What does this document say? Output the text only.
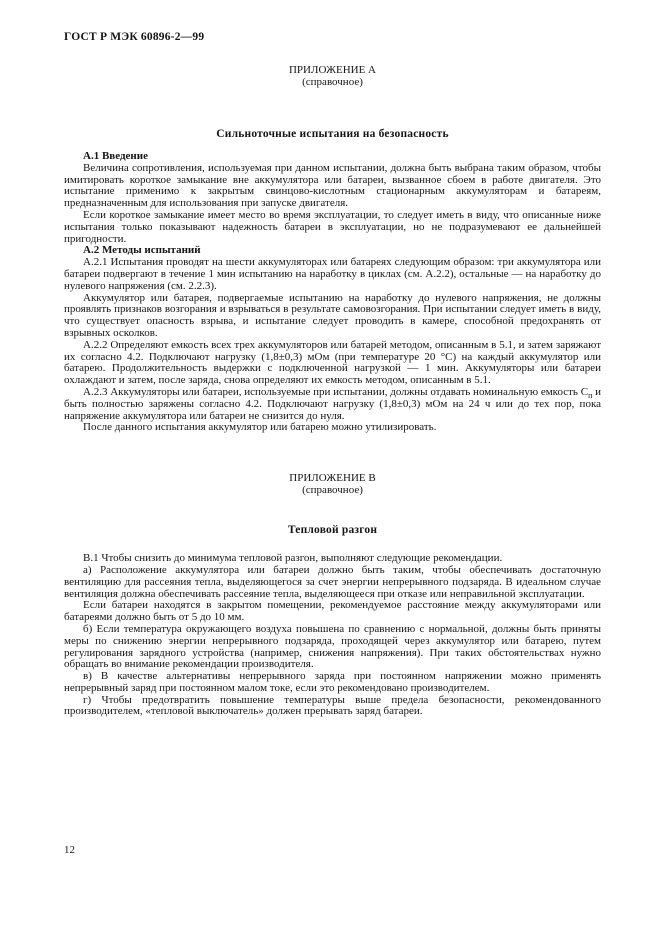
ГОСТ Р МЭК 60896-2—99
ПРИЛОЖЕНИЕ А
(справочное)
Сильноточные испытания на безопасность

А.1 Введение

Величина сопротивления, используемая при данном испытании, должна быть выбрана таким образом, чтобы имитировать короткое замыкание вне аккумулятора или батареи, вызванное сбоем в работе двигателя. Это испытание применимо к закрытым свинцово-кислотным стационарным аккумуляторам и батареям, предназначенным для использования при запуске двигателя.

Если короткое замыкание имеет место во время эксплуатации, то следует иметь в виду, что описанные ниже испытания только показывают надежность батареи в эксплуатации, но не подразумевают ее дальнейшей пригодности.

А.2 Методы испытаний

А.2.1 Испытания проводят на шести аккумуляторах или батареях следующим образом: три аккумулятора или батареи подвергают в течение 1 мин испытанию на наработку в циклах (см. А.2.2), остальные — на наработку до нулевого напряжения (см. 2.2.3).

Аккумулятор или батарея, подвергаемые испытанию на наработку до нулевого напряжения, не должны проявлять признаков возгорания и взрываться в результате самовозгорания. При испытании следует иметь в виду, что существует опасность взрыва, и испытание следует проводить в камере, способной предохранять от взрывных осколков.

А.2.2 Определяют емкость всех трех аккумуляторов или батарей методом, описанным в 5.1, и затем заряжают их согласно 4.2. Подключают нагрузку (1,8±0,3) мОм (при температуре 20 °С) на каждый аккумулятор или батарею. Продолжительность выдержки с подключенной нагрузкой — 1 мин. Аккумуляторы или батареи охлаждают и затем, после заряда, снова определяют их емкость методом, описанным в 5.1.

А.2.3 Аккумуляторы или батареи, используемые при испытании, должны отдавать номинальную емкость $С_п$ и быть полностью заряжены согласно 4.2. Подключают нагрузку (1,8±0,3) мОм на 24 ч или до тех пор, пока напряжение аккумулятора или батареи не снизится до нуля.

После данного испытания аккумулятор или батарею можно утилизировать.

ПРИЛОЖЕНИЕ В
(справочное)
Тепловой разгон

В.1 Чтобы снизить до минимума тепловой разгон, выполняют следующие рекомендации.

а) Расположение аккумулятора или батареи должно быть таким, чтобы обеспечивать достаточную вентиляцию для рассеяния тепла, выделяющегося за счет энергии непрерывного подзаряда. В идеальном случае вентиляция должна обеспечивать рассеяние тепла, выделяющееся при отказе или неправильной эксплуатации.

Если батареи находятся в закрытом помещении, рекомендуемое расстояние между аккумуляторами или батареями должно быть от 5 до 10 мм.

б) Если температура окружающего воздуха повышена по сравнению с нормальной, должны быть приняты меры по снижению энергии непрерывного подзаряда, проходящей через аккумулятор или батарею, путем регулирования зарядного устройства (например, снижения напряжения). При таких обстоятельствах нужно обращать во внимание рекомендации производителя.

в) В качестве альтернативы непрерывного заряда при постоянном напряжении можно применять непрерывный заряд при постоянном малом токе, если это рекомендовано производителем.

г) Чтобы предотвратить повышение температуры выше предела безопасности, рекомендованного производителем, «тепловой выключатель» должен прерывать заряд батареи.

12
